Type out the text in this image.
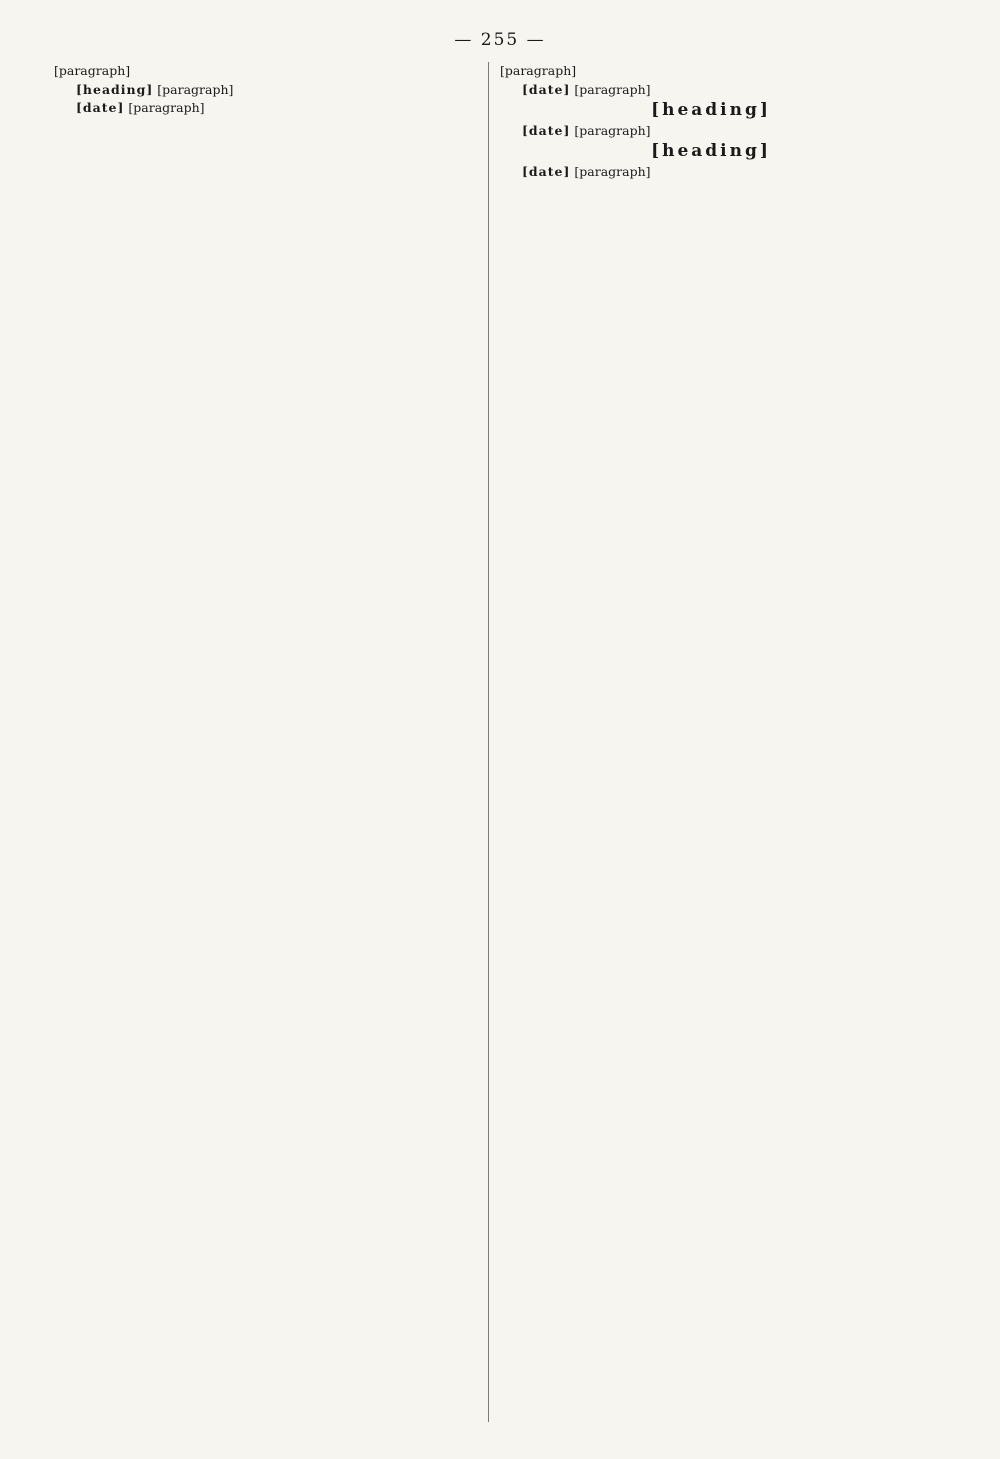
— 255 —

[paragraph]

[heading] [paragraph]

[date] [paragraph]

[paragraph]

[date] [paragraph]

[heading]

[date] [paragraph]

[heading]

[date] [paragraph]
